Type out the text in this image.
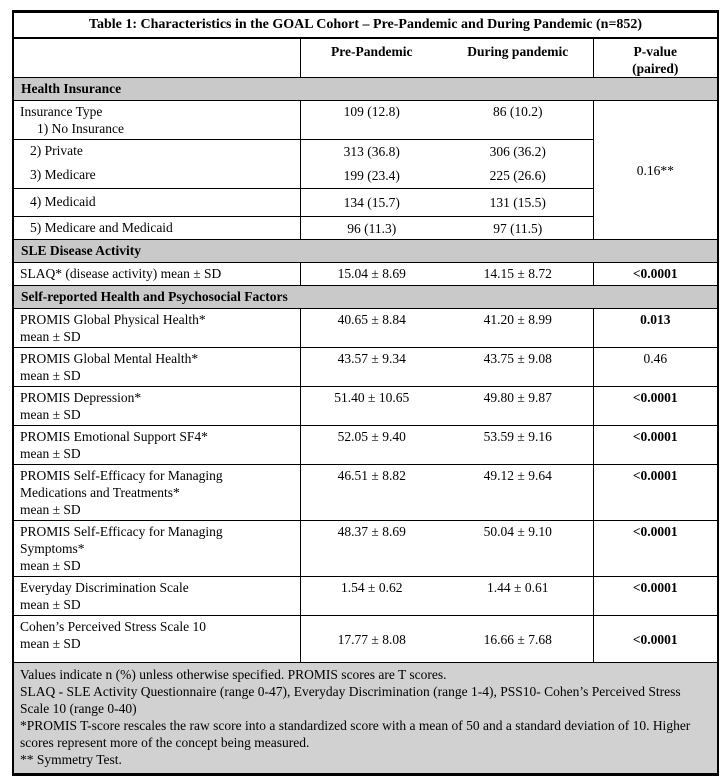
Table 1: Characteristics in the GOAL Cohort – Pre-Pandemic and During Pandemic (n=852)			
	Pre-Pandemic	During pandemic	P-value
(paired)

Health Insurance			

Insurance Type
1) No Insurance	109 (12.8)	86 (10.2)	0.16**

2) Private	313 (36.8)	306 (36.2)	

3) Medicare	199 (23.4)	225 (26.6)	

4) Medicaid	134 (15.7)	131 (15.5)	

5) Medicare and Medicaid	96 (11.3)	97 (11.5)	
SLE Disease Activity			

SLAQ* (disease activity) mean ± SD	15.04 ± 8.69	14.15 ± 8.72	<0.0001
Self-reported Health and Psychosocial Factors			

PROMIS Global Physical Health*
mean ± SD	40.65 ± 8.84	41.20 ± 8.99	0.013

PROMIS Global Mental Health*
mean ± SD	43.57 ± 9.34	43.75 ± 9.08	0.46

PROMIS Depression*
mean ± SD	51.40 ± 10.65	49.80 ± 9.87	<0.0001

PROMIS Emotional Support SF4*
mean ± SD	52.05 ± 9.40	53.59 ± 9.16	<0.0001

PROMIS Self-Efficacy for Managing Medications and Treatments*
mean ± SD	46.51 ± 8.82	49.12 ± 9.64	<0.0001

PROMIS Self-Efficacy for Managing Symptoms*
mean ± SD	48.37 ± 8.69	50.04 ± 9.10	<0.0001

Everyday Discrimination Scale
mean ± SD	1.54 ± 0.62	1.44 ± 0.61	<0.0001

Cohen’s Perceived Stress Scale 10
mean ± SD	17.77 ± 8.08	16.66 ± 7.68	<0.0001

Values indicate n (%) unless otherwise specified. PROMIS scores are T scores.

SLAQ - SLE Activity Questionnaire (range 0-47), Everyday Discrimination (range 1-4), PSS10- Cohen’s Perceived Stress Scale 10 (range 0-40)

*PROMIS T-score rescales the raw score into a standardized score with a mean of 50 and a standard deviation of 10. Higher scores represent more of the concept being measured.

** Symmetry Test.			
